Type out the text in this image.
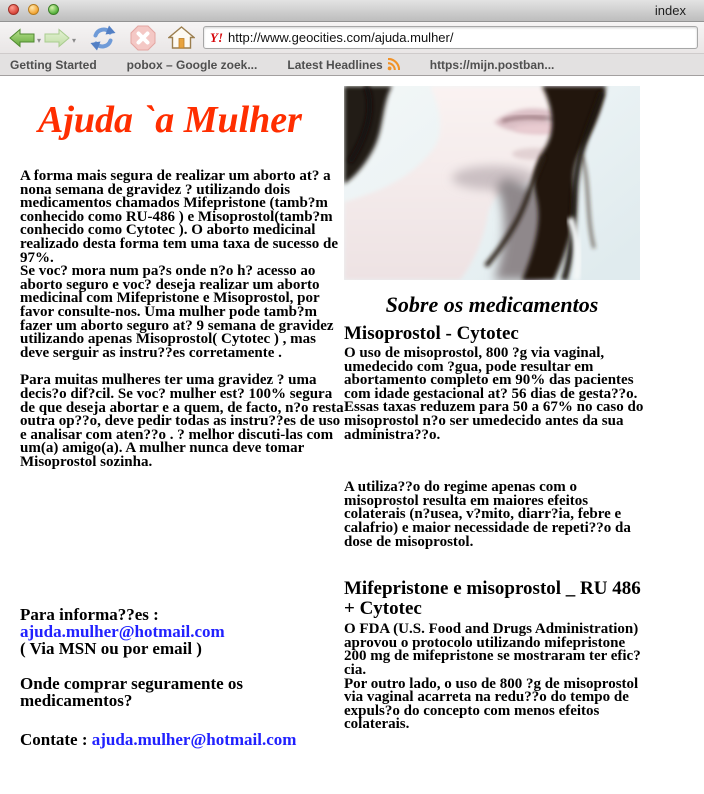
index
▾	▾	Y!
http://www.geocities.com/ajuda.mulher/
Getting Started	pobox – Google zoek...	Latest Headlines	https://mijn.postban...
Ajuda `a Mulher
A forma mais segura de realizar um aborto at? a nona semana de gravidez ? utilizando dois medicamentos chamados Mifepristone (tamb?m conhecido como RU-486 ) e Misoprostol(tamb?m conhecido como Cytotec ). O aborto medicinal realizado desta forma tem uma taxa de sucesso de 97%.
Se voc? mora num pa?s onde n?o h? acesso ao aborto seguro e voc? deseja realizar um aborto medicinal com Mifepristone e Misoprostol, por favor consulte-nos. Uma mulher pode tamb?m fazer um aborto seguro at? 9 semana de gravidez utilizando apenas Misoprostol( Cytotec ) , mas deve serguir as instru??es corretamente .
Para muitas mulheres ter uma gravidez ? uma decis?o dif?cil. Se voc? mulher est? 100% segura de que deseja abortar e a quem, de facto, n?o resta outra op??o, deve pedir todas as instru??es de uso e analisar com aten??o . ? melhor discuti-las com um(a) amigo(a). A mulher nunca deve tomar Misoprostol sozinha.
Para informa??es :
ajuda.mulher@hotmail.com
( Via MSN ou por email )
Onde comprar seguramente os medicamentos?
Contate : ajuda.mulher@hotmail.com
Sobre os medicamentos
Misoprostol - Cytotec
O uso de misoprostol, 800 ?g via vaginal, umedecido com ?gua, pode resultar em abortamento completo em 90% das pacientes com idade gestacional at? 56 dias de gesta??o. Essas taxas reduzem para 50 a 67% no caso do misoprostol n?o ser umedecido antes da sua administra??o.
A utiliza??o do regime apenas com o misoprostol resulta em maiores efeitos colaterais (n?usea, v?mito, diarr?ia, febre e calafrio) e maior necessidade de repeti??o da dose de misoprostol.
Mifepristone e misoprostol _ RU 486 + Cytotec
O FDA (U.S. Food and Drugs Administration) aprovou o protocolo utilizando mifepristone 200 mg de mifepristone se mostraram ter efic?cia.
Por outro lado, o uso de 800 ?g de misoprostol via vaginal acarreta na redu??o do tempo de expuls?o do concepto com menos efeitos colaterais.
